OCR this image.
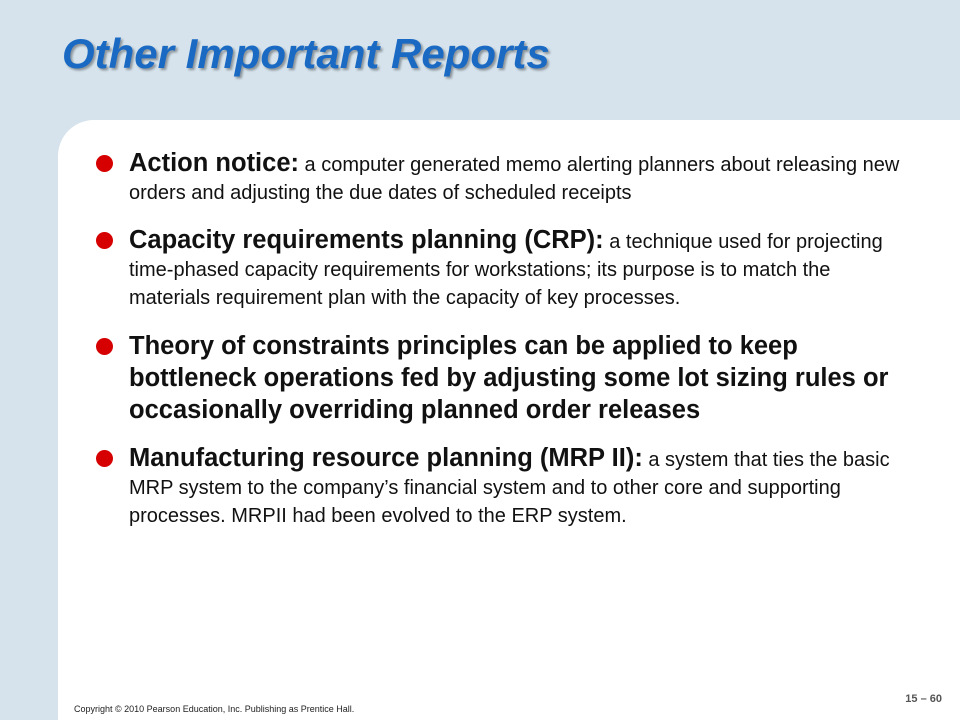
Other Important Reports
Action notice: a computer generated memo alerting planners about releasing new orders and adjusting the due dates of scheduled receipts
Capacity requirements planning (CRP): a technique used for projecting time-phased capacity requirements for workstations; its purpose is to match the materials requirement plan with the capacity of key processes.
Theory of constraints principles can be applied to keep bottleneck operations fed by adjusting some lot sizing rules or occasionally overriding planned order releases
Manufacturing resource planning (MRP II): a system that ties the basic MRP system to the company’s financial system and to other core and supporting processes. MRPII had been evolved to the ERP system.
Copyright © 2010 Pearson Education, Inc. Publishing as Prentice Hall.
15 – 60
